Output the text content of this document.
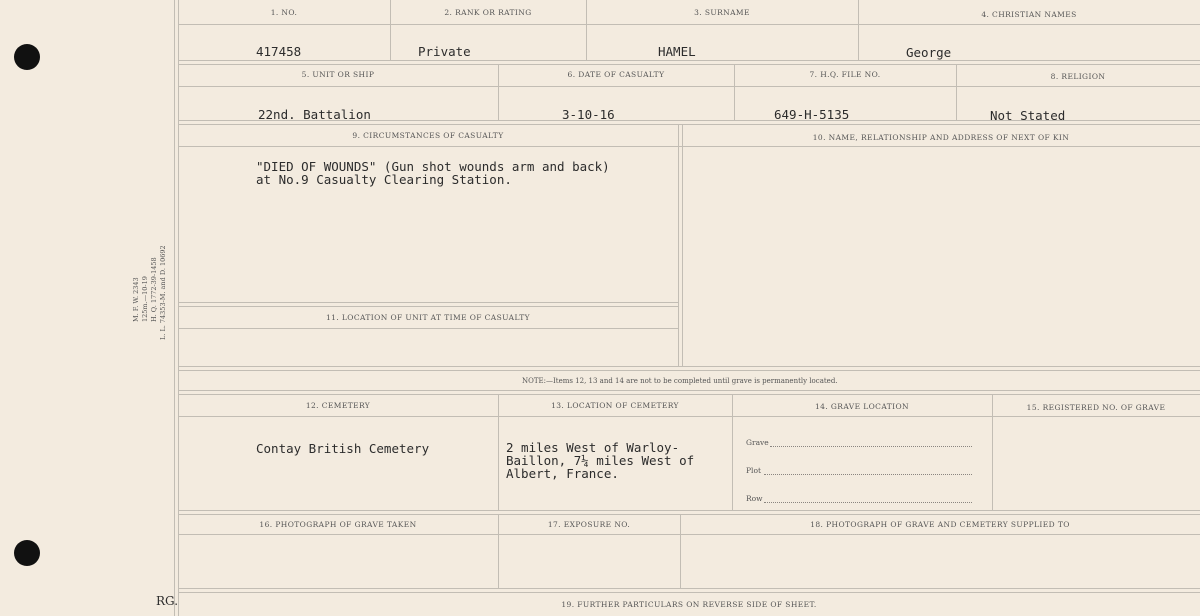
M. F. W. 2343 125m.—10-19 H. Q. 1772-39-1458 L. L. 74353-M. and D. 10692
1. NO.	2. RANK OR RATING	3. SURNAME	4. CHRISTIAN NAMES
417458	Private	HAMEL	George
5. UNIT OR SHIP	6. DATE OF CASUALTY	7. H.Q. FILE NO.	8. RELIGION
22nd. Battalion	3-10-16	649-H-5135	Not Stated
9. CIRCUMSTANCES OF CASUALTY	10. NAME, RELATIONSHIP AND ADDRESS OF NEXT OF KIN
"DIED OF WOUNDS" (Gun shot wounds arm and back)
at No.9 Casualty Clearing Station.
11. LOCATION OF UNIT AT TIME OF CASUALTY
NOTE:—Items 12, 13 and 14 are not to be completed until grave is permanently located.
12. CEMETERY	13. LOCATION OF CEMETERY	14. GRAVE LOCATION	15. REGISTERED NO. OF GRAVE
Contay British Cemetery	2 miles West of Warloy-
Baillon, 7¼ miles West of
Albert, France.
Grave
Plot
Row
16. PHOTOGRAPH OF GRAVE TAKEN	17. EXPOSURE NO.	18. PHOTOGRAPH OF GRAVE AND CEMETERY SUPPLIED TO
19. FURTHER PARTICULARS ON REVERSE SIDE OF SHEET.
RG.
